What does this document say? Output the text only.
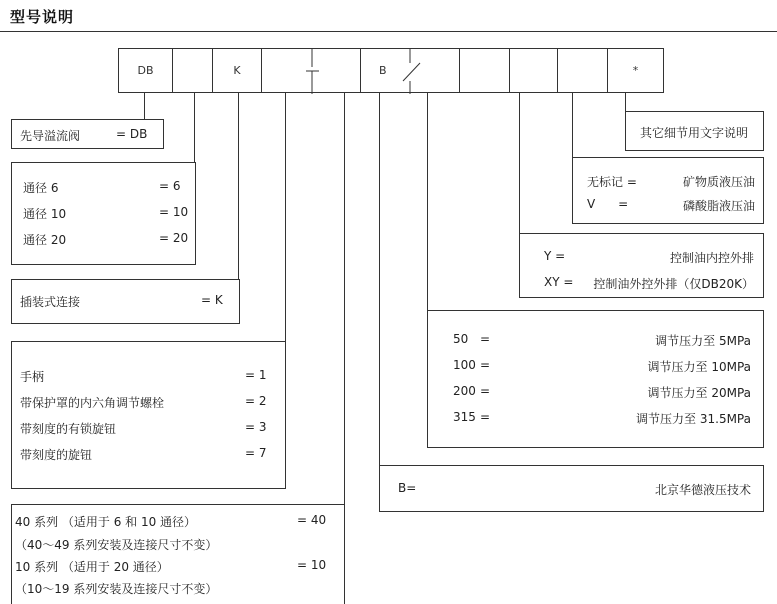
型号说明
DB	K	B	*
先导溢流阀	= DB
通径 6	= 6
通径 10	= 10
通径 20	= 20
插装式连接	= K
手柄	= 1
带保护罩的内六角调节螺栓	= 2
带刻度的有锁旋钮	= 3
带刻度的旋钮	= 7
40 系列 （适用于 6 和 10 通径）	= 40
（40～49 系列安装及连接尺寸不变）
10 系列 （适用于 20 通径）	= 10
（10～19 系列安装及连接尺寸不变）
其它细节用文字说明
无标记 =	矿物质液压油
V      =	磷酸脂液压油
Y =	控制油内控外排
XY = 控制油外控外排（仅DB20K）
50 =	调节压力至 5MPa
100 =	调节压力至 10MPa
200 =	调节压力至 20MPa
315 =	调节压力至 31.5MPa
B=	北京华德液压技术
